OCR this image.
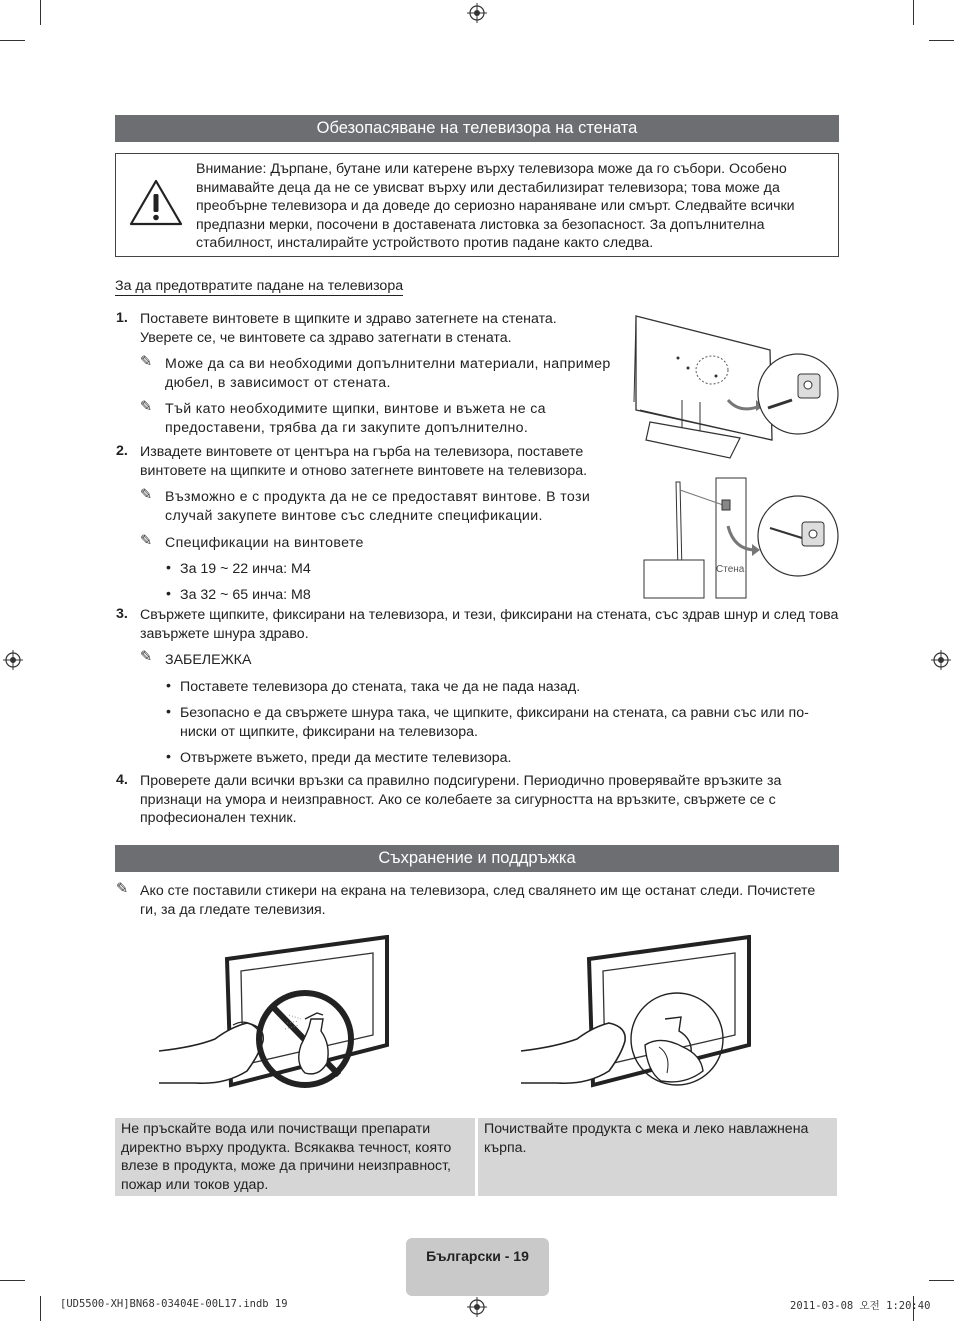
Обезопасяване на телевизора на стената
Внимание: Дърпане, бутане или катерене върху телевизора може да го събори. Особено внимавайте деца да не се увисват върху или дестабилизират телевизора; това може да преобърне телевизора и да доведе до сериозно нараняване или смърт. Следвайте всички предпазни мерки, посочени в доставената листовка за безопасност. За допълнителна стабилност, инсталирайте устройството против падане както следва.
За да предотвратите падане на телевизора
1. Поставете винтовете в щипките и здраво затегнете на стената. Уверете се, че винтовете са здраво затегнати в стената.
✎ Може да са ви необходими допълнителни материали, например дюбел, в зависимост от стената.
✎ Тъй като необходимите щипки, винтове и въжета не са предоставени, трябва да ги закупите допълнително.
2. Извадете винтовете от центъра на гърба на телевизора, поставете винтовете на щипките и отново затегнете винтовете на телевизора.
✎ Възможно е с продукта да не се предоставят винтове. В този случай закупете винтове със следните спецификации.
✎ Спецификации на винтовете
• За 19 ~ 22 инча: M4
• За 32 ~ 65 инча: M8
3. Свържете щипките, фиксирани на телевизора, и тези, фиксирани на стената, със здрав шнур и след това завържете шнура здраво.
✎ ЗАБЕЛЕЖКА
• Поставете телевизора до стената, така че да не пада назад.
• Безопасно е да свържете шнура така, че щипките, фиксирани на стената, са равни със или по-ниски от щипките, фиксирани на телевизора.
• Отвържете въжето, преди да местите телевизора.
4. Проверете дали всички връзки са правилно подсигурени. Периодично проверявайте връзките за признаци на умора и неизправност. Ако се колебаете за сигурността на връзките, свържете се с професионален техник.
Стена
Съхранение и поддръжка
✎ Ако сте поставили стикери на екрана на телевизора, след свалянето им ще останат следи. Почистете ги, за да гледате телевизия.
Не пръскайте вода или почистващи препарати директно върху продукта. Всякаква течност, която влезе в продукта, може да причини неизправност, пожар или токов удар.
Почиствайте продукта с мека и леко навлажнена кърпа.
Български - 19
[UD5500-XH]BN68-03404E-00L17.indb 19	2011-03-08 오전 1:20:40
